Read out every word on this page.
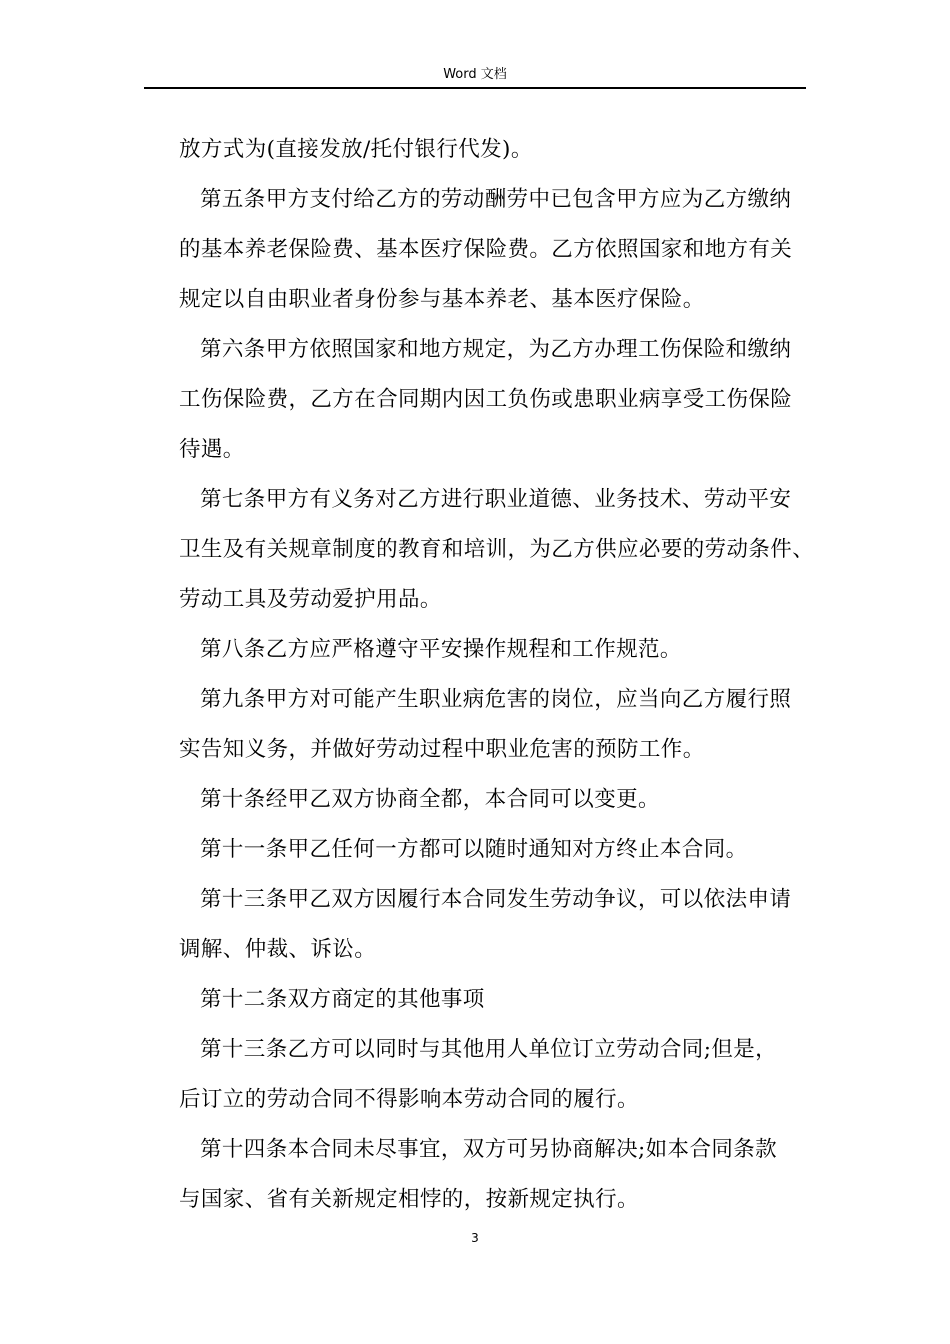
Word 文档
放方式为(直接发放/托付银行代发)。
第五条甲方支付给乙方的劳动酬劳中已包含甲方应为乙方缴纳
的基本养老保险费、基本医疗保险费。乙方依照国家和地方有关
规定以自由职业者身份参与基本养老、基本医疗保险。
第六条甲方依照国家和地方规定，为乙方办理工伤保险和缴纳
工伤保险费，乙方在合同期内因工负伤或患职业病享受工伤保险
待遇。
第七条甲方有义务对乙方进行职业道德、业务技术、劳动平安
卫生及有关规章制度的教育和培训，为乙方供应必要的劳动条件、
劳动工具及劳动爱护用品。
第八条乙方应严格遵守平安操作规程和工作规范。
第九条甲方对可能产生职业病危害的岗位，应当向乙方履行照
实告知义务，并做好劳动过程中职业危害的预防工作。
第十条经甲乙双方协商全都，本合同可以变更。
第十一条甲乙任何一方都可以随时通知对方终止本合同。
第十三条甲乙双方因履行本合同发生劳动争议，可以依法申请
调解、仲裁、诉讼。
第十二条双方商定的其他事项
第十三条乙方可以同时与其他用人单位订立劳动合同;但是，
后订立的劳动合同不得影响本劳动合同的履行。
第十四条本合同未尽事宜，双方可另协商解决;如本合同条款
与国家、省有关新规定相悖的，按新规定执行。
3
